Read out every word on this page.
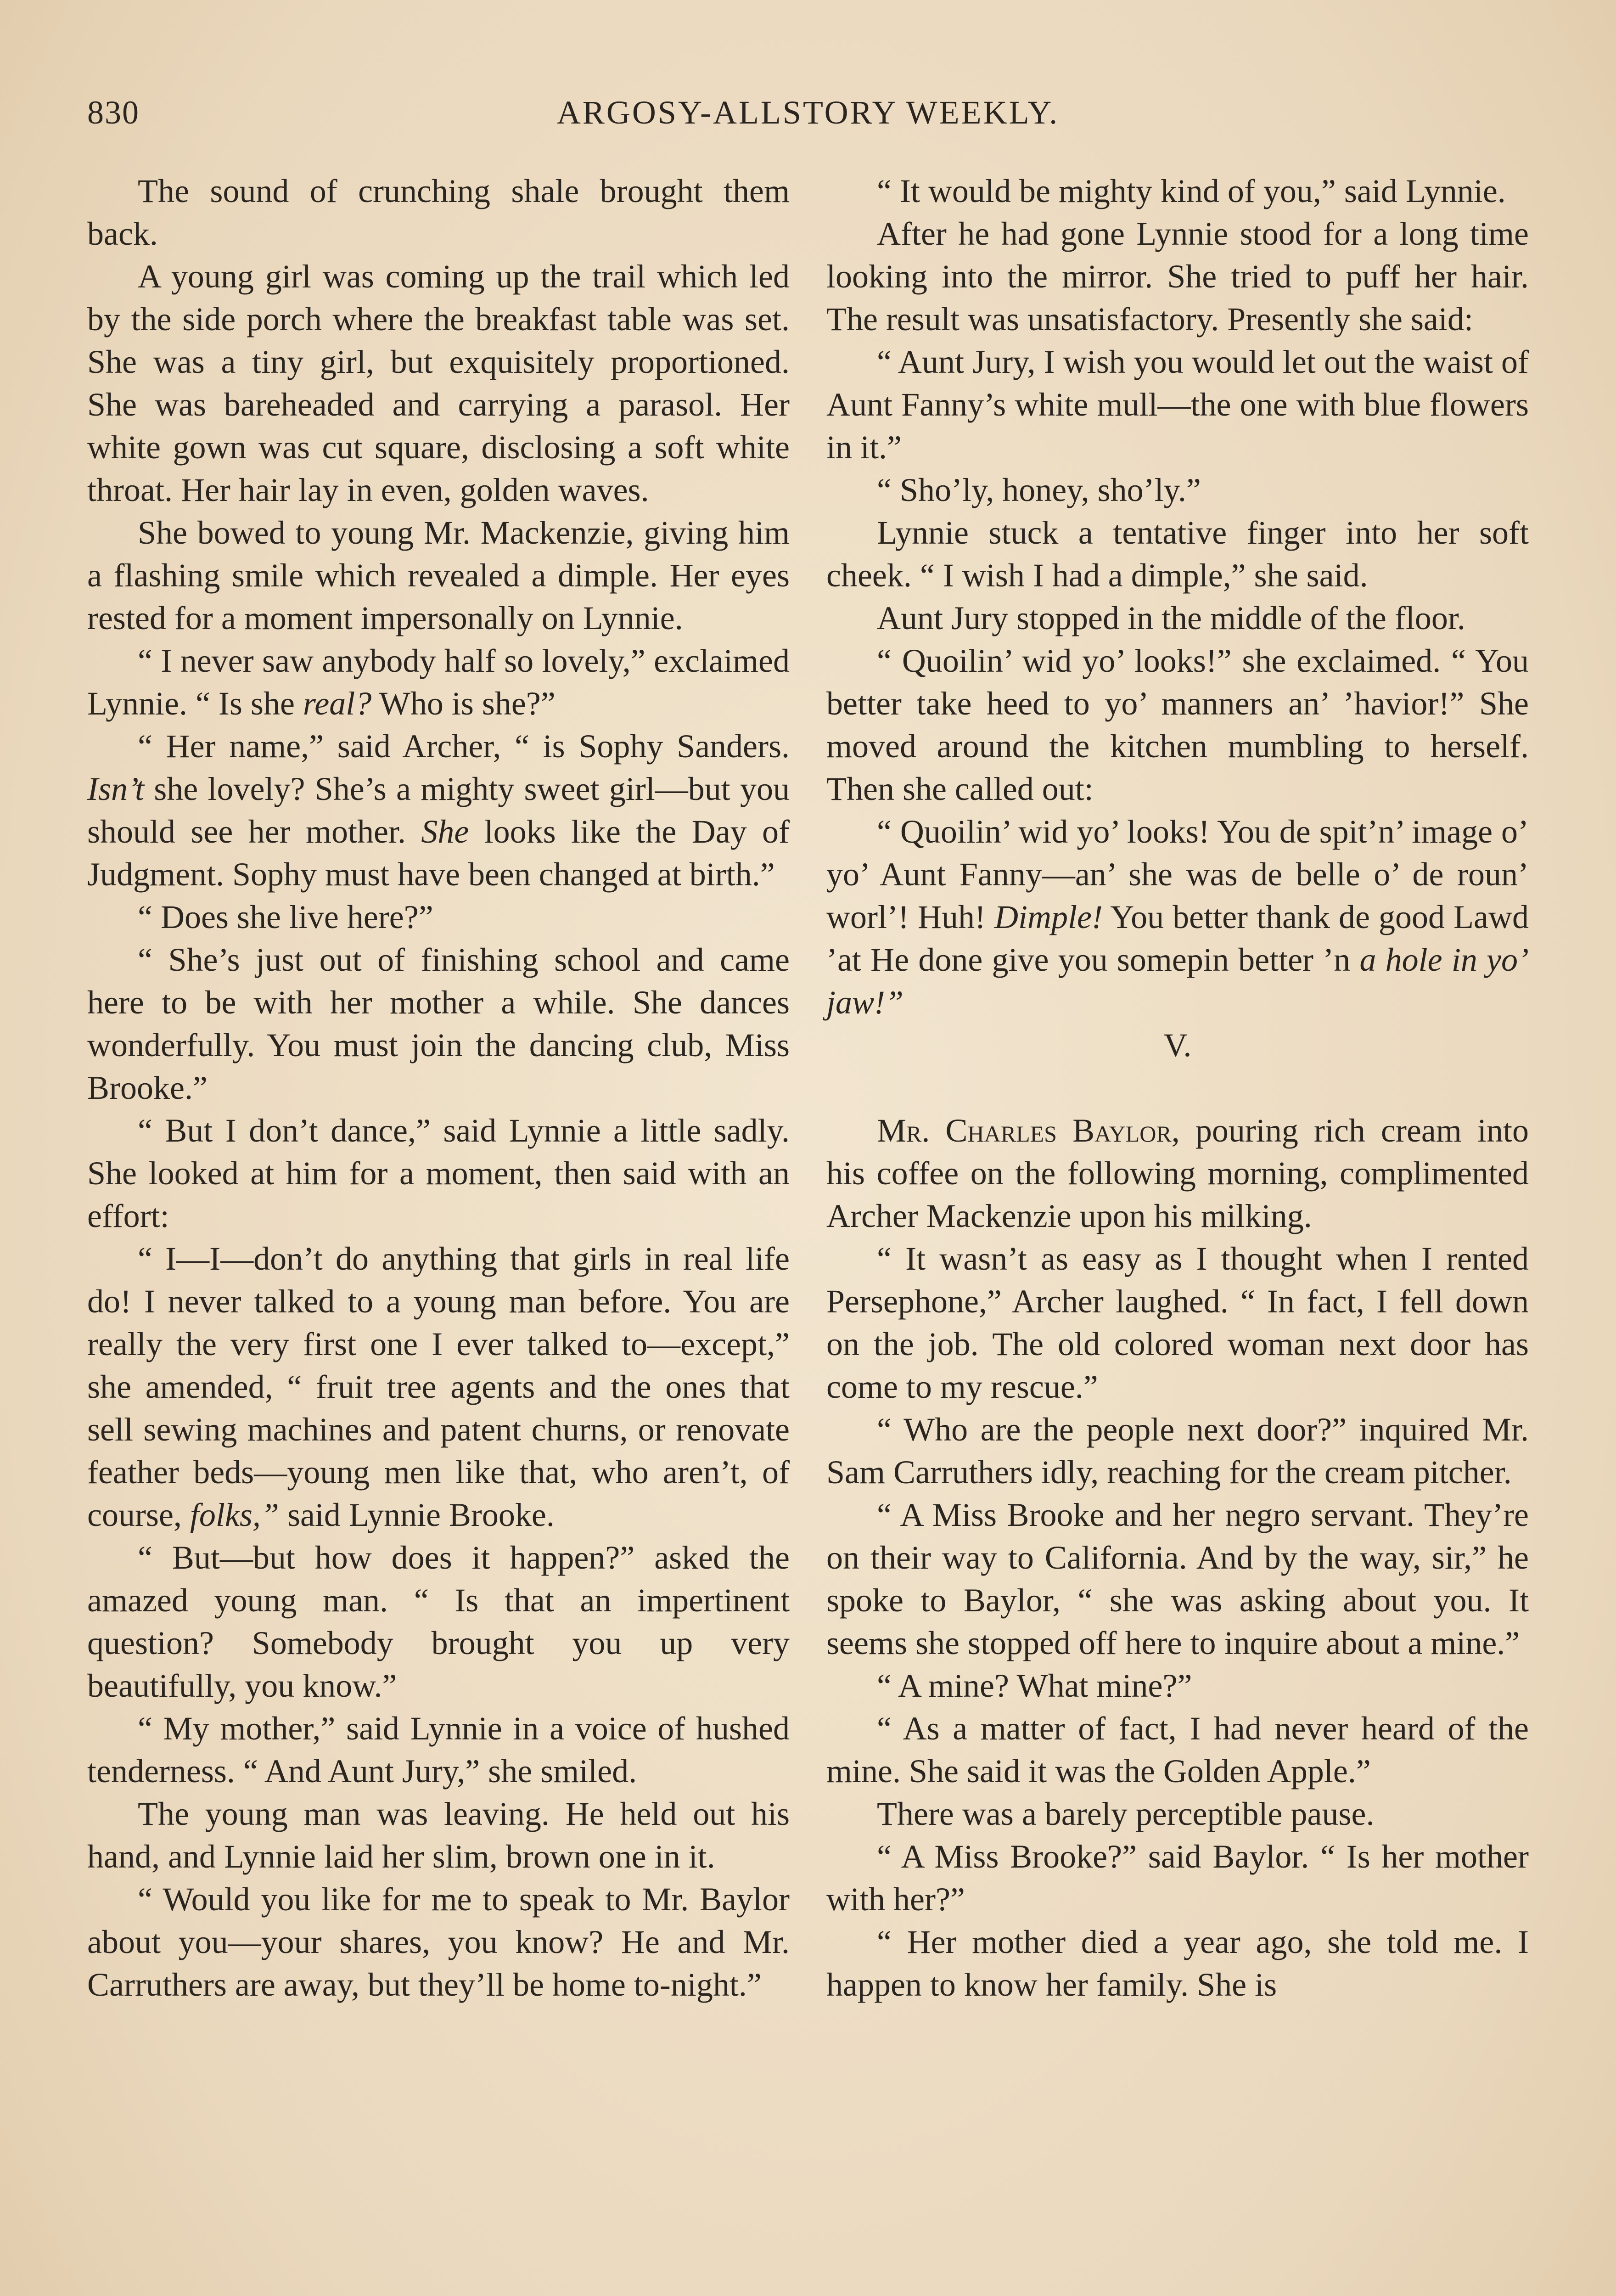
830	ARGOSY-ALLSTORY WEEKLY.

The sound of crunching shale brought them back.

A young girl was coming up the trail which led by the side porch where the breakfast table was set. She was a tiny girl, but exquisitely proportioned. She was bareheaded and carrying a parasol. Her white gown was cut square, disclosing a soft white throat. Her hair lay in even, golden waves.

She bowed to young Mr. Mackenzie, giving him a flashing smile which revealed a dimple. Her eyes rested for a moment impersonally on Lynnie.

“ I never saw anybody half so lovely,” exclaimed Lynnie. “ Is she real? Who is she?”

“ Her name,” said Archer, “ is Sophy Sanders. Isn’t she lovely? She’s a mighty sweet girl—but you should see her mother. She looks like the Day of Judgment. Sophy must have been changed at birth.”

“ Does she live here?”

“ She’s just out of finishing school and came here to be with her mother a while. She dances wonderfully. You must join the dancing club, Miss Brooke.”

“ But I don’t dance,” said Lynnie a little sadly. She looked at him for a moment, then said with an effort:

“ I—I—don’t do anything that girls in real life do! I never talked to a young man before. You are really the very first one I ever talked to—except,” she amended, “ fruit tree agents and the ones that sell sewing machines and patent churns, or renovate feather beds—young men like that, who aren’t, of course, folks,” said Lynnie Brooke.

“ But—but how does it happen?” asked the amazed young man. “ Is that an impertinent question? Somebody brought you up very beautifully, you know.”

“ My mother,” said Lynnie in a voice of hushed tenderness. “ And Aunt Jury,” she smiled.

The young man was leaving. He held out his hand, and Lynnie laid her slim, brown one in it.

“ Would you like for me to speak to Mr. Baylor about you—your shares, you know? He and Mr. Carruthers are away, but they’ll be home to-night.”

“ It would be mighty kind of you,” said Lynnie.

After he had gone Lynnie stood for a long time looking into the mirror. She tried to puff her hair. The result was unsatisfactory. Presently she said:

“ Aunt Jury, I wish you would let out the waist of Aunt Fanny’s white mull—the one with blue flowers in it.”

“ Sho’ly, honey, sho’ly.”

Lynnie stuck a tentative finger into her soft cheek. “ I wish I had a dimple,” she said.

Aunt Jury stopped in the middle of the floor.

“ Quoilin’ wid yo’ looks!” she exclaimed. “ You better take heed to yo’ manners an’ ’havior!” She moved around the kitchen mumbling to herself. Then she called out:

“ Quoilin’ wid yo’ looks! You de spit’n’ image o’ yo’ Aunt Fanny—an’ she was de belle o’ de roun’ worl’! Huh! Dimple! You better thank de good Lawd ’at He done give you somepin better ’n a hole in yo’ jaw!”

V.

Mr. Charles Baylor, pouring rich cream into his coffee on the following morning, complimented Archer Mackenzie upon his milking.

“ It wasn’t as easy as I thought when I rented Persephone,” Archer laughed. “ In fact, I fell down on the job. The old colored woman next door has come to my rescue.”

“ Who are the people next door?” inquired Mr. Sam Carruthers idly, reaching for the cream pitcher.

“ A Miss Brooke and her negro servant. They’re on their way to California. And by the way, sir,” he spoke to Baylor, “ she was asking about you. It seems she stopped off here to inquire about a mine.”

“ A mine? What mine?”

“ As a matter of fact, I had never heard of the mine. She said it was the Golden Apple.”

There was a barely perceptible pause.

“ A Miss Brooke?” said Baylor. “ Is her mother with her?”

“ Her mother died a year ago, she told me. I happen to know her family. She is
